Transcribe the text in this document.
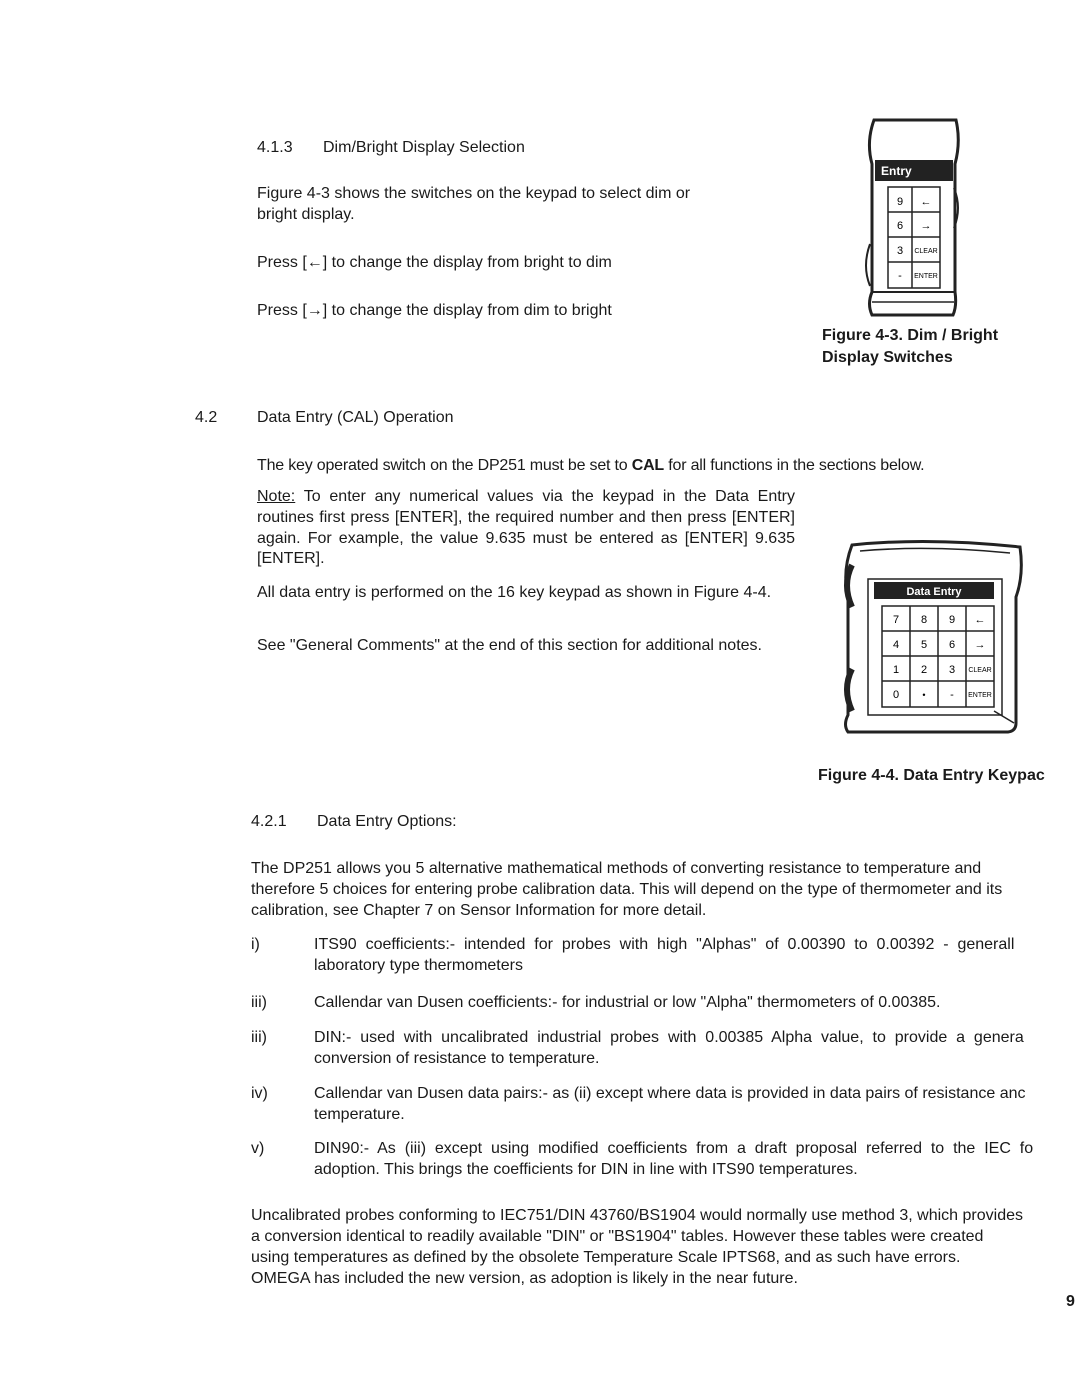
4.1.3 Dim/Bright Display Selection
Figure 4-3 shows the switches on the keypad to select dim or bright display.
Press [←] to change the display from bright to dim
Press [→] to change the display from dim to bright
Entry
9 ←
6 →
3 CLEAR
- ENTER
Figure 4-3. Dim / Bright
Display Switches
4.2 Data Entry (CAL) Operation
The key operated switch on the DP251 must be set to CAL for all functions in the sections below.
Note: To enter any numerical values via the keypad in the Data Entry routines first press [ENTER], the required number and then press [ENTER] again. For example, the value 9.635 must be entered as [ENTER] 9.635 [ENTER].
All data entry is performed on the 16 key keypad as shown in Figure 4-4.
See "General Comments" at the end of this section for additional notes.
Data Entry
7 8 9 ←
4 5 6 →
1 2 3 CLEAR
0	• - ENTER
Figure 4-4. Data Entry Keypac
4.2.1 Data Entry Options:
The DP251 allows you 5 alternative mathematical methods of converting resistance to temperature and therefore 5 choices for entering probe calibration data. This will depend on the type of thermometer and its calibration, see Chapter 7 on Sensor Information for more detail.
i)	ITS90  coefficients:-  intended  for  probes  with  high  "Alphas"  of  0.00390  to  0.00392  -  generall
laboratory type thermometers
iii)	Callendar van Dusen coefficients:- for industrial or low "Alpha" thermometers of 0.00385.
iii)	DIN:-  used  with  uncalibrated  industrial  probes  with  0.00385  Alpha  value,  to  provide  a  genera
conversion of resistance to temperature.
iv)	Callendar van Dusen data pairs:- as (ii) except where data is provided in data pairs of resistance anc
temperature.
v)	DIN90:-  As  (iii)  except  using  modified  coefficients  from  a  draft  proposal  referred  to  the  IEC  fo
adoption. This brings the coefficients for DIN in line with ITS90 temperatures.
Uncalibrated probes conforming to IEC751/DIN 43760/BS1904 would normally use method 3, which provides
a conversion identical to readily available "DIN" or "BS1904" tables. However these tables were created
using temperatures as defined by the obsolete Temperature Scale IPTS68, and as such have errors.
OMEGA has included the new version, as adoption is likely in the near future.
9
